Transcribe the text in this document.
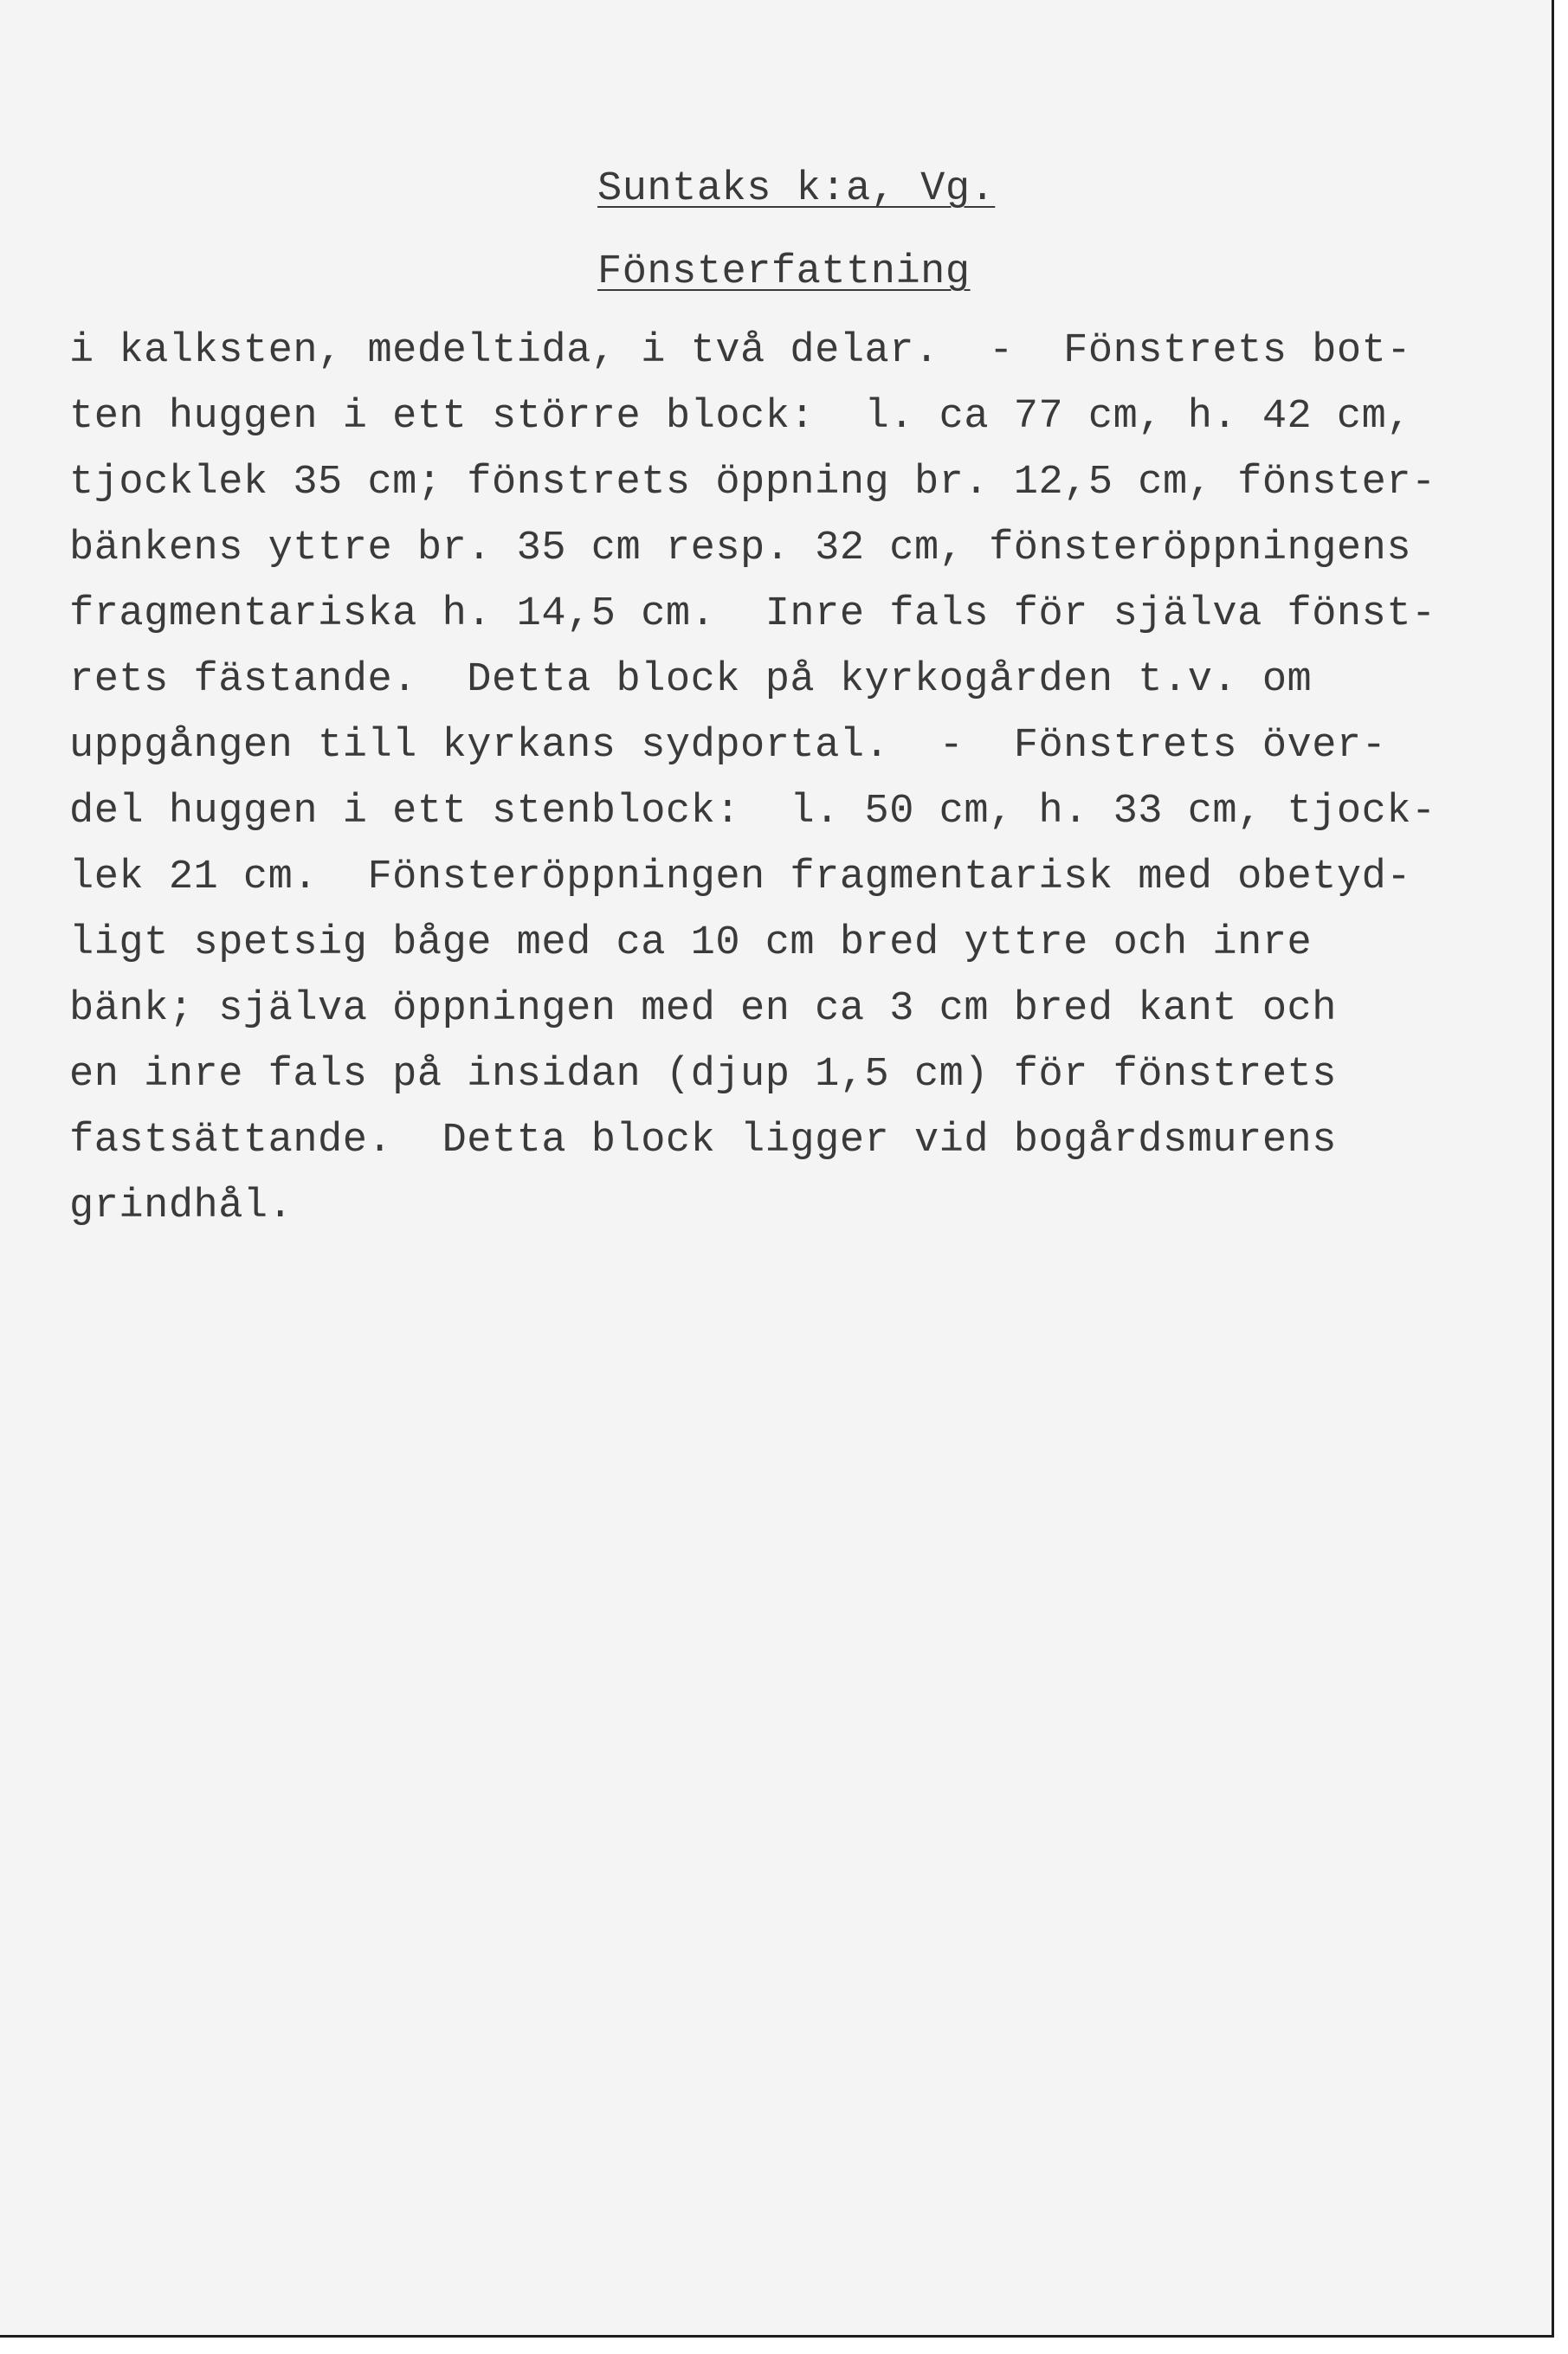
Suntaks k:a, Vg.
Fönsterfattning
i kalksten, medeltida, i två delar.  -  Fönstrets bot-
ten huggen i ett större block:  l. ca 77 cm, h. 42 cm,
tjocklek 35 cm; fönstrets öppning br. 12,5 cm, fönster-
bänkens yttre br. 35 cm resp. 32 cm, fönsteröppningens
fragmentariska h. 14,5 cm.  Inre fals för själva fönst-
rets fästande.  Detta block på kyrkogården t.v. om
uppgången till kyrkans sydportal.  -  Fönstrets över-
del huggen i ett stenblock:  l. 50 cm, h. 33 cm, tjock-
lek 21 cm.  Fönsteröppningen fragmentarisk med obetyd-
ligt spetsig båge med ca 10 cm bred yttre och inre
bänk; själva öppningen med en ca 3 cm bred kant och
en inre fals på insidan (djup 1,5 cm) för fönstrets
fastsättande.  Detta block ligger vid bogårdsmurens
grindhål.
